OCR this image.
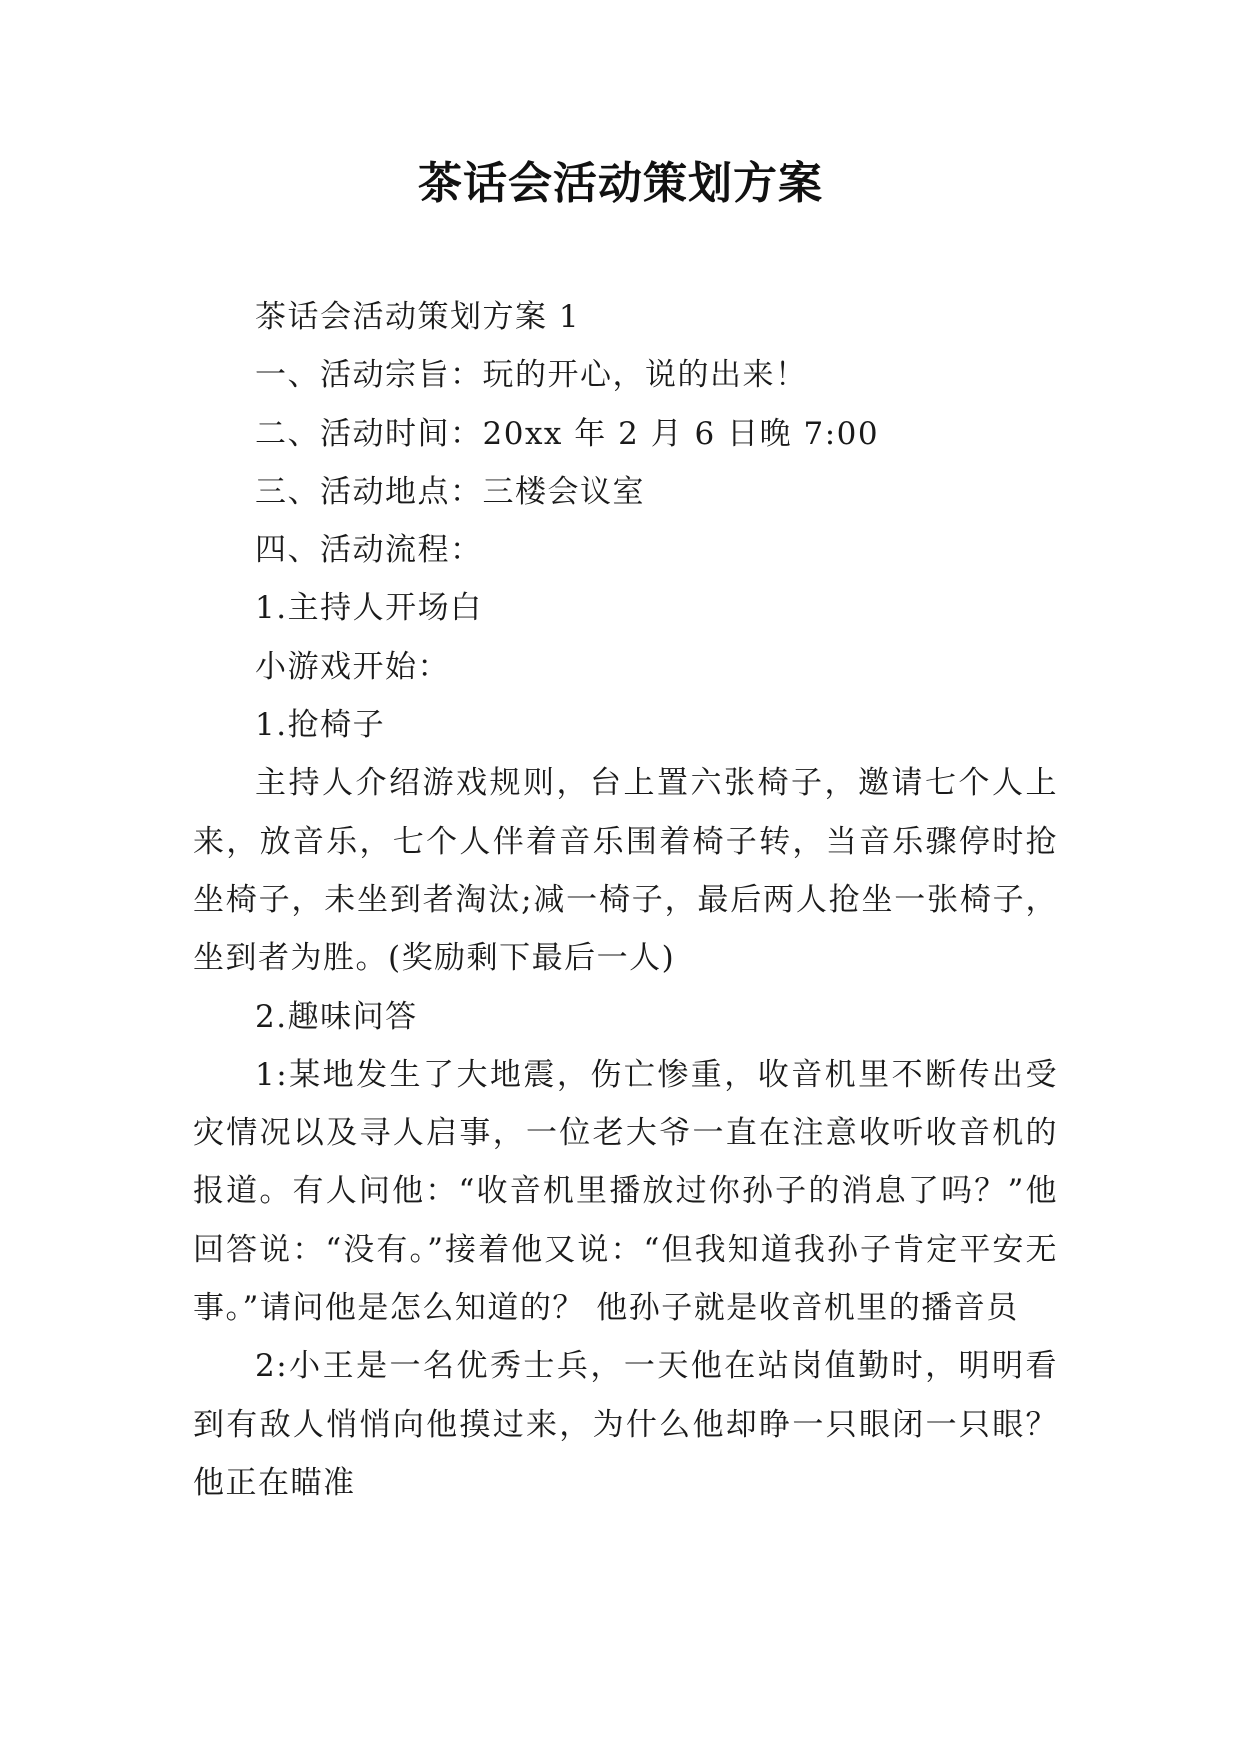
茶话会活动策划方案

茶话会活动策划方案 1

一、活动宗旨：玩的开心，说的出来！

二、活动时间：20xx 年 2 月 6 日晚 7:00

三、活动地点：三楼会议室

四、活动流程：

1.主持人开场白

小游戏开始：

1.抢椅子

主持人介绍游戏规则，台上置六张椅子，邀请七个人上来，放音乐，七个人伴着音乐围着椅子转，当音乐骤停时抢坐椅子，未坐到者淘汰;减一椅子，最后两人抢坐一张椅子，坐到者为胜。(奖励剩下最后一人)

2.趣味问答

1:某地发生了大地震，伤亡惨重，收音机里不断传出受灾情况以及寻人启事，一位老大爷一直在注意收听收音机的报道。有人问他：“收音机里播放过你孙子的消息了吗？”他回答说：“没有。”接着他又说：“但我知道我孙子肯定平安无事。”请问他是怎么知道的？ 他孙子就是收音机里的播音员

2:小王是一名优秀士兵，一天他在站岗值勤时，明明看到有敌人悄悄向他摸过来，为什么他却睁一只眼闭一只眼？他正在瞄准
